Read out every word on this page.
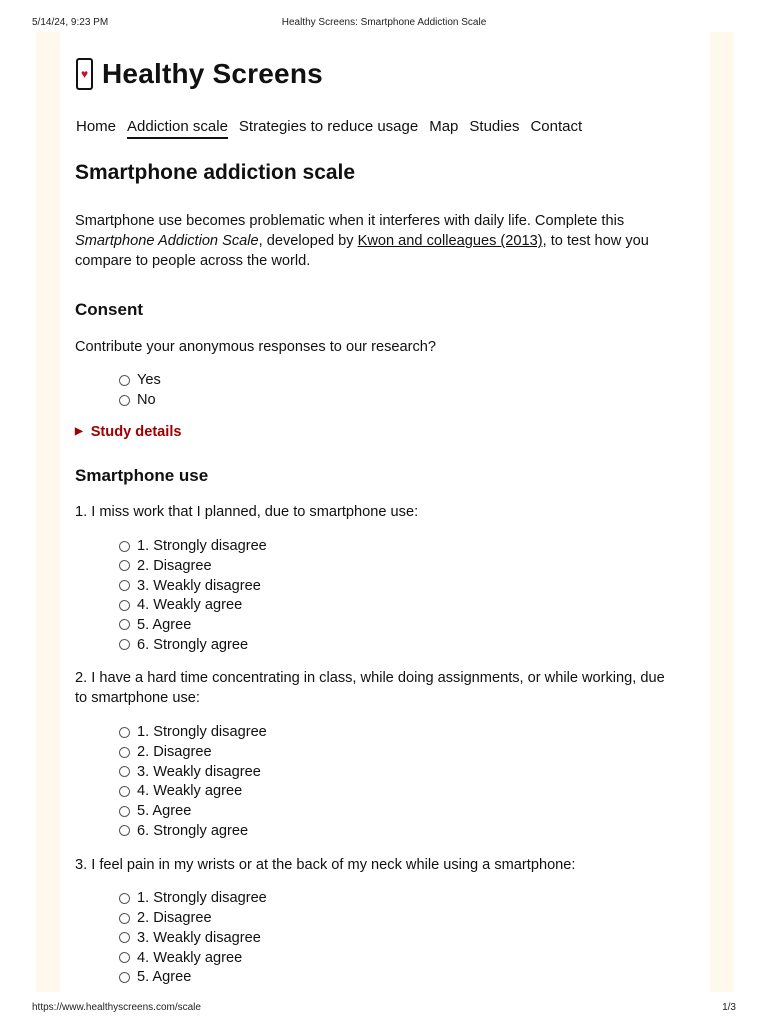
5/14/24, 9:23 PM	Healthy Screens: Smartphone Addiction Scale
♥ Healthy Screens
Home Addiction scale Strategies to reduce usage Map Studies Contact
Smartphone addiction scale

Smartphone use becomes problematic when it interferes with daily life. Complete this Smartphone Addiction Scale, developed by Kwon and colleagues (2013), to test how you compare to people across the world.

Consent

Contribute your anonymous responses to our research?

Yes
No
▶ Study details
Smartphone use

1. I miss work that I planned, due to smartphone use:

1. Strongly disagree
2. Disagree
3. Weakly disagree
4. Weakly agree
5. Agree
6. Strongly agree

2. I have a hard time concentrating in class, while doing assignments, or while working, due to smartphone use:

1. Strongly disagree
2. Disagree
3. Weakly disagree
4. Weakly agree
5. Agree
6. Strongly agree

3. I feel pain in my wrists or at the back of my neck while using a smartphone:

1. Strongly disagree
2. Disagree
3. Weakly disagree
4. Weakly agree
5. Agree
https://www.healthyscreens.com/scale	1/3
